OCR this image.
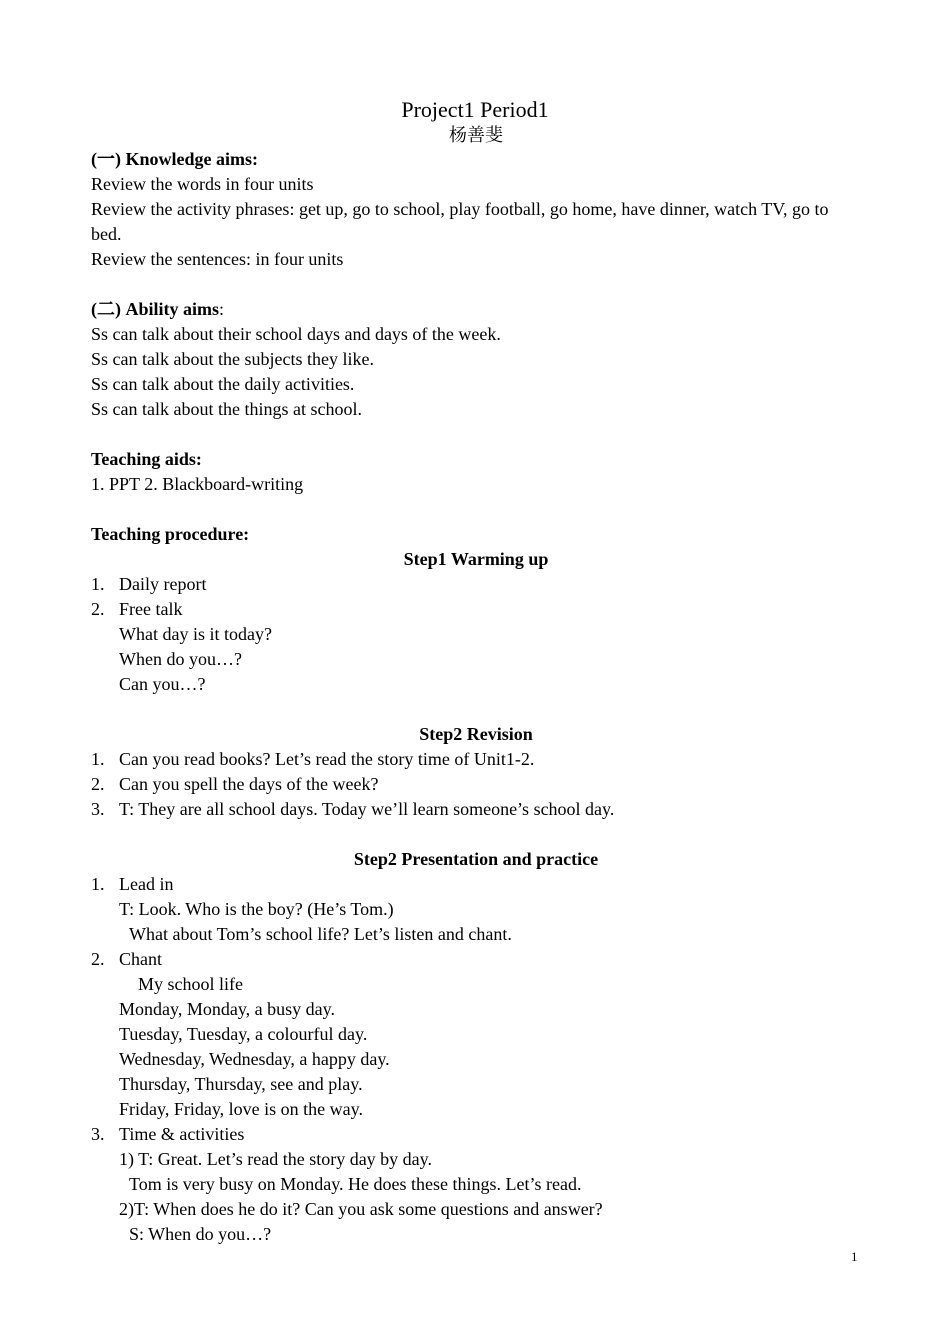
Project1 Period1
杨善斐
(一) Knowledge aims:
Review the words in four units
Review the activity phrases: get up, go to school, play football, go home, have dinner, watch TV, go to bed.
Review the sentences: in four units
(二) Ability aims:
Ss can talk about their school days and days of the week.
Ss can talk about the subjects they like.
Ss can talk about the daily activities.
Ss can talk about the things at school.
Teaching aids:
1. PPT 2. Blackboard-writing
Teaching procedure:
Step1 Warming up
1. Daily report
2. Free talk
What day is it today?
When do you…?
Can you…?
Step2 Revision
1. Can you read books? Let’s read the story time of Unit1-2.
2. Can you spell the days of the week?
3. T: They are all school days. Today we’ll learn someone’s school day.
Step2 Presentation and practice
1. Lead in
T: Look. Who is the boy? (He’s Tom.)
What about Tom’s school life? Let’s listen and chant.
2. Chant
My school life
Monday, Monday, a busy day.
Tuesday, Tuesday, a colourful day.
Wednesday, Wednesday, a happy day.
Thursday, Thursday, see and play.
Friday, Friday, love is on the way.
3. Time & activities
1) T: Great. Let’s read the story day by day.
Tom is very busy on Monday. He does these things. Let’s read.
2)T: When does he do it? Can you ask some questions and answer?
S: When do you…?
1
